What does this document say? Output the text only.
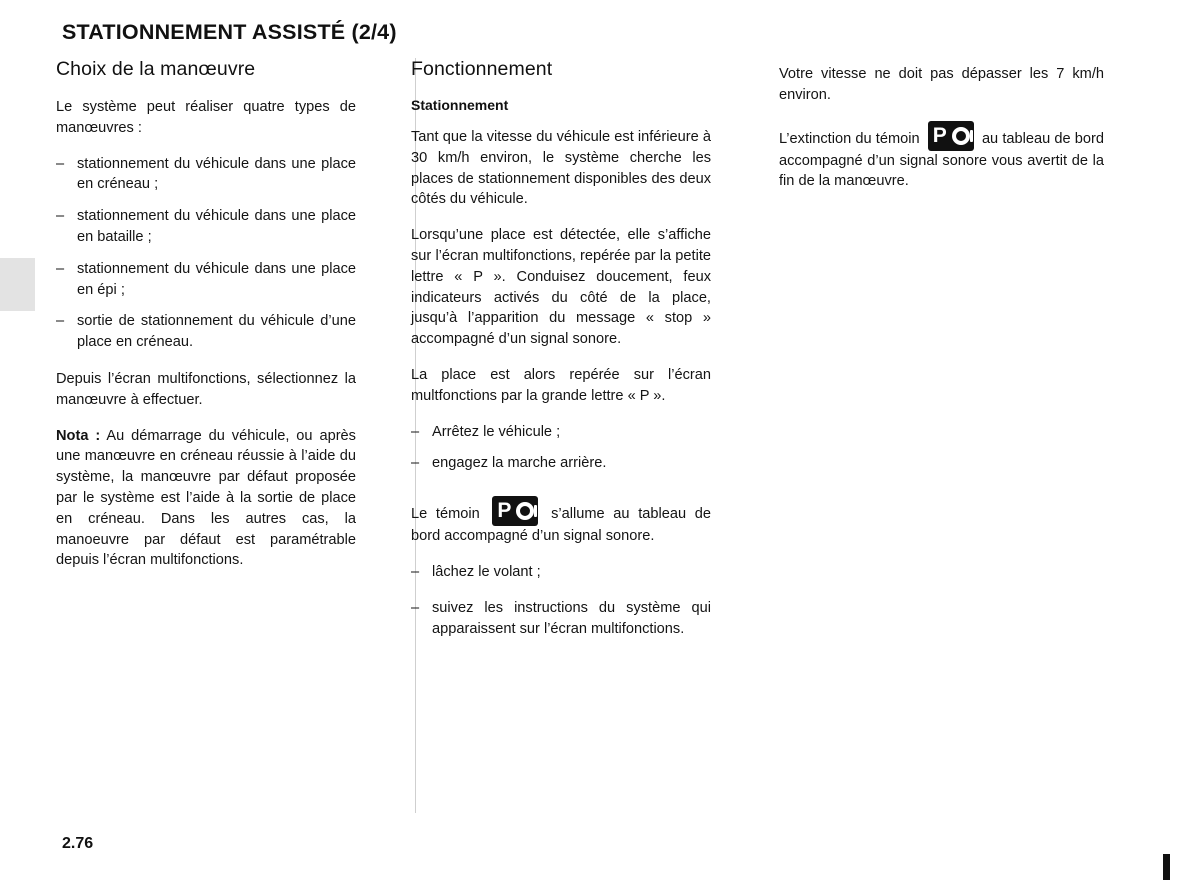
STATIONNEMENT ASSISTÉ (2/4)
Choix de la manœuvre

Le système peut réaliser quatre types de manœuvres :

– stationnement du véhicule dans une place en créneau ;
– stationnement du véhicule dans une place en bataille ;
– stationnement du véhicule dans une place en épi ;
– sortie de stationnement du véhicule d’une place en créneau.

Depuis l’écran multifonctions, sélectionnez la manœuvre à effectuer.

Nota : Au démarrage du véhicule, ou après une manœuvre en créneau réussie à l’aide du système, la manœuvre par défaut proposée par le système est l’aide à la sortie de place en créneau. Dans les autres cas, la manoeuvre par défaut est paramétrable depuis l’écran multifonctions.

Fonctionnement
Stationnement

Tant que la vitesse du véhicule est inférieure à 30 km/h environ, le système cherche les places de stationnement disponibles des deux côtés du véhicule.

Lorsqu’une place est détectée, elle s’affiche sur l’écran multifonctions, repérée par la petite lettre « P ». Conduisez doucement, feux indicateurs activés du côté de la place, jusqu’à l’apparition du message « stop » accompagné d’un signal sonore.

La place est alors repérée sur l’écran multfonctions par la grande lettre « P ».

– Arrêtez le véhicule ;
– engagez la marche arrière.

Le témoin P	s’allume au tableau de bord accompagné d’un signal sonore.

– lâchez le volant ;
– suivez les instructions du système qui apparaissent sur l’écran multifonctions.

Votre vitesse ne doit pas dépasser les 7 km/h environ.

L’extinction du témoin P au tableau de bord accompagné d’un signal sonore vous avertit de la fin de la manœuvre.

2.76
